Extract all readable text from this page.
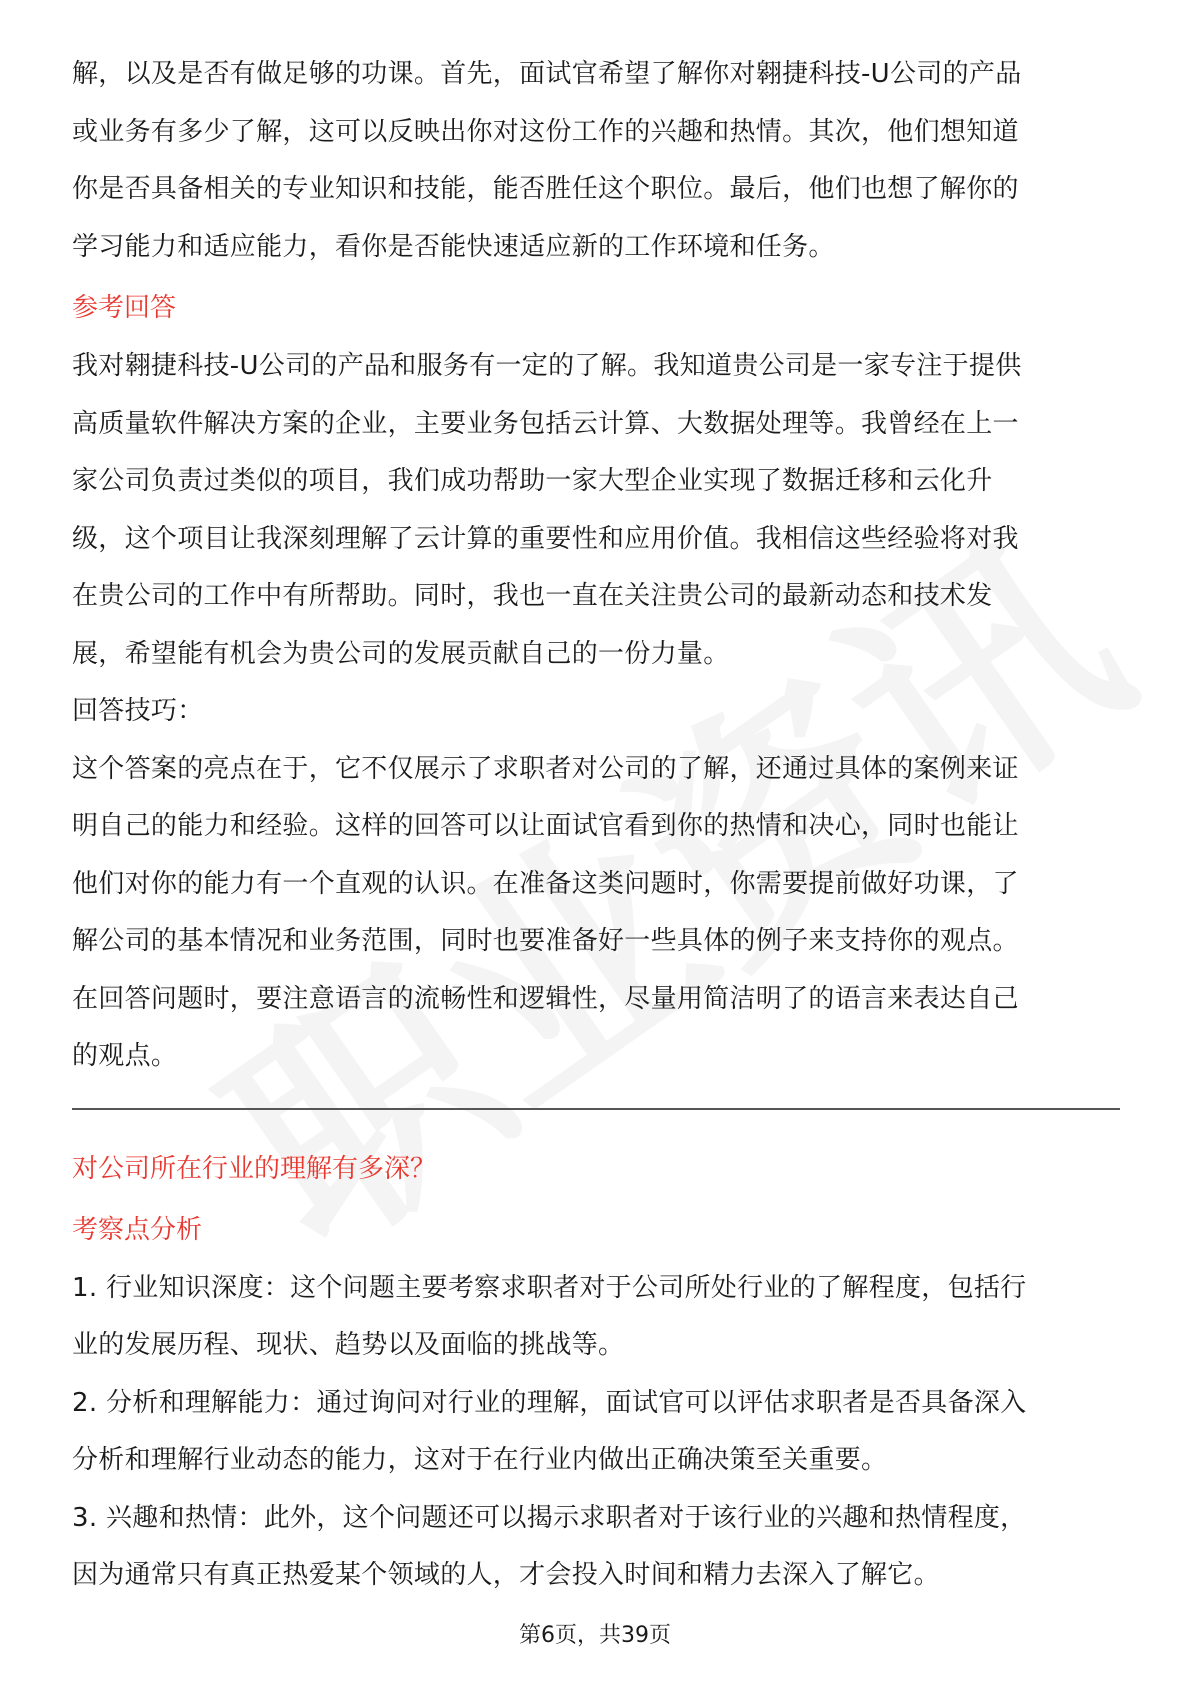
解，以及是否有做足够的功课。首先，面试官希望了解你对翱捷科技-U公司的产品

或业务有多少了解，这可以反映出你对这份工作的兴趣和热情。其次，他们想知道

你是否具备相关的专业知识和技能，能否胜任这个职位。最后，他们也想了解你的

学习能力和适应能力，看你是否能快速适应新的工作环境和任务。

参考回答

我对翱捷科技-U公司的产品和服务有一定的了解。我知道贵公司是一家专注于提供

高质量软件解决方案的企业，主要业务包括云计算、大数据处理等。我曾经在上一

家公司负责过类似的项目，我们成功帮助一家大型企业实现了数据迁移和云化升

级，这个项目让我深刻理解了云计算的重要性和应用价值。我相信这些经验将对我

在贵公司的工作中有所帮助。同时，我也一直在关注贵公司的最新动态和技术发

展，希望能有机会为贵公司的发展贡献自己的一份力量。

回答技巧：

这个答案的亮点在于，它不仅展示了求职者对公司的了解，还通过具体的案例来证

明自己的能力和经验。这样的回答可以让面试官看到你的热情和决心，同时也能让

他们对你的能力有一个直观的认识。在准备这类问题时，你需要提前做好功课，了

解公司的基本情况和业务范围，同时也要准备好一些具体的例子来支持你的观点。

在回答问题时，要注意语言的流畅性和逻辑性，尽量用简洁明了的语言来表达自己

的观点。

对公司所在行业的理解有多深？
考察点分析

1. 行业知识深度：这个问题主要考察求职者对于公司所处行业的了解程度，包括行

业的发展历程、现状、趋势以及面临的挑战等。

2. 分析和理解能力：通过询问对行业的理解，面试官可以评估求职者是否具备深入

分析和理解行业动态的能力，这对于在行业内做出正确决策至关重要。

3. 兴趣和热情：此外，这个问题还可以揭示求职者对于该行业的兴趣和热情程度，

因为通常只有真正热爱某个领域的人，才会投入时间和精力去深入了解它。

第6页，共39页
